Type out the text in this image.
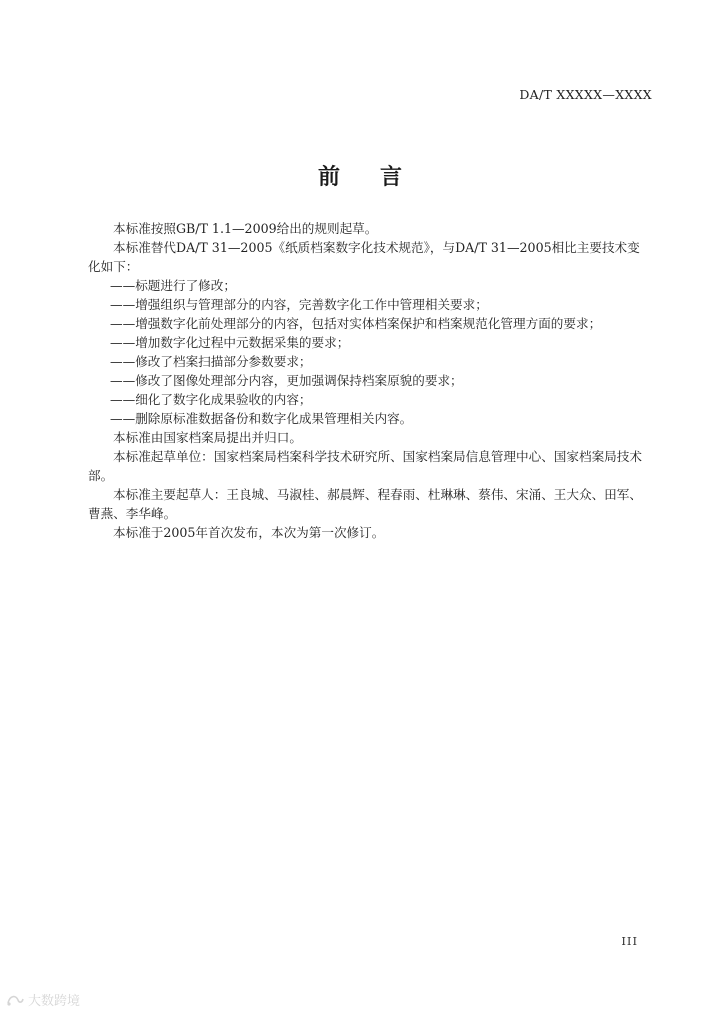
DA/T XXXXX—XXXX
前言

本标准按照GB/T 1.1—2009给出的规则起草。

本标准替代DA/T 31—2005《纸质档案数字化技术规范》，与DA/T 31—2005相比主要技术变化如下：

——标题进行了修改；

——增强组织与管理部分的内容，完善数字化工作中管理相关要求；

——增强数字化前处理部分的内容，包括对实体档案保护和档案规范化管理方面的要求；

——增加数字化过程中元数据采集的要求；

——修改了档案扫描部分参数要求；

——修改了图像处理部分内容，更加强调保持档案原貌的要求；

——细化了数字化成果验收的内容；

——删除原标准数据备份和数字化成果管理相关内容。

本标准由国家档案局提出并归口。

本标准起草单位：国家档案局档案科学技术研究所、国家档案局信息管理中心、国家档案局技术部。

本标准主要起草人：王良城、马淑桂、郝晨辉、程春雨、杜琳琳、蔡伟、宋涌、王大众、田军、曹燕、李华峰。

本标准于2005年首次发布，本次为第一次修订。

III
大数跨境
